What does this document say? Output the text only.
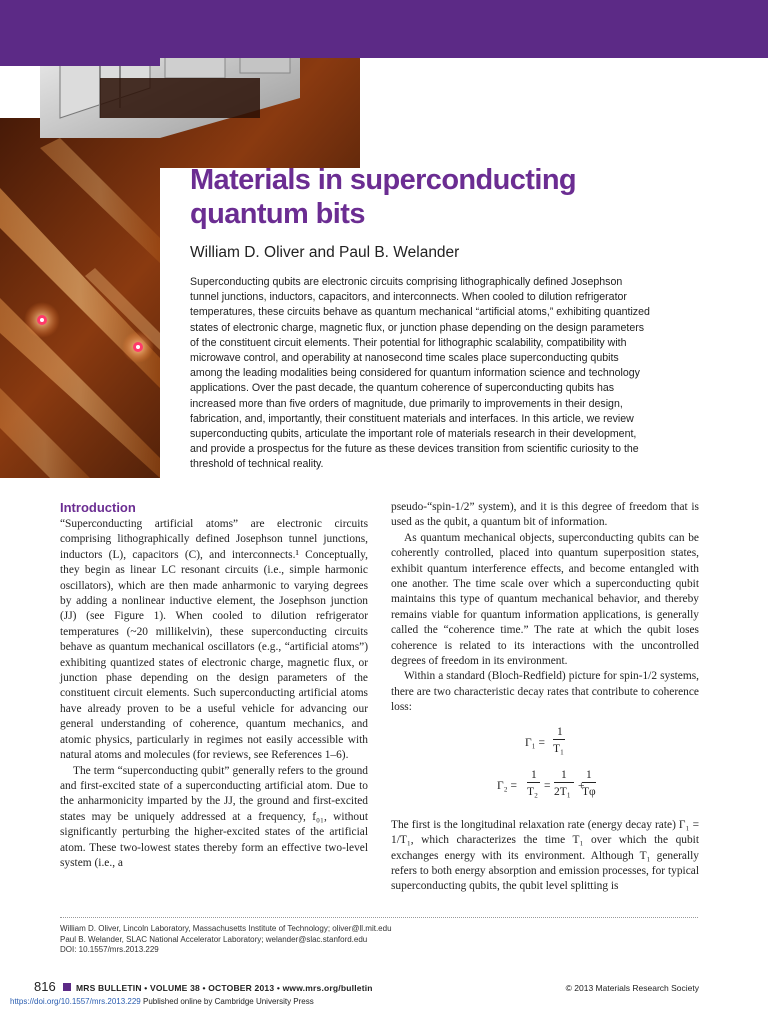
Materials in superconducting quantum bits

William D. Oliver and Paul B. Welander

Superconducting qubits are electronic circuits comprising lithographically defined Josephson tunnel junctions, inductors, capacitors, and interconnects. When cooled to dilution refrigerator temperatures, these circuits behave as quantum mechanical “artificial atoms,” exhibiting quantized states of electronic charge, magnetic flux, or junction phase depending on the design parameters of the constituent circuit elements. Their potential for lithographic scalability, compatibility with microwave control, and operability at nanosecond time scales place superconducting qubits among the leading modalities being considered for quantum information science and technology applications. Over the past decade, the quantum coherence of superconducting qubits has increased more than five orders of magnitude, due primarily to improvements in their design, fabrication, and, importantly, their constituent materials and interfaces. In this article, we review superconducting qubits, articulate the important role of materials research in their development, and provide a prospectus for the future as these devices transition from scientific curiosity to the threshold of technical reality.

Introduction

“Superconducting artificial atoms” are electronic circuits comprising lithographically defined Josephson tunnel junctions, inductors (L), capacitors (C), and interconnects.¹ Conceptually, they begin as linear LC resonant circuits (i.e., simple harmonic oscillators), which are then made anharmonic to varying degrees by adding a nonlinear inductive element, the Josephson junction (JJ) (see Figure 1). When cooled to dilution refrigerator temperatures (~20 millikelvin), these superconducting circuits behave as quantum mechanical oscillators (e.g., “artificial atoms”) exhibiting quantized states of electronic charge, magnetic flux, or junction phase depending on the design parameters of the constituent circuit elements. Such superconducting artificial atoms have already proven to be a useful vehicle for advancing our general understanding of coherence, quantum mechanics, and atomic physics, particularly in regimes not easily accessible with natural atoms and molecules (for reviews, see References 1–6).

The term “superconducting qubit” generally refers to the ground and first-excited state of a superconducting artificial atom. Due to the anharmonicity imparted by the JJ, the ground and first-excited states may be uniquely addressed at a frequency, f₀₁, without significantly perturbing the higher-excited states of the artificial atom. These two-lowest states thereby form an effective two-level system (i.e., a

pseudo-“spin-1/2” system), and it is this degree of freedom that is used as the qubit, a quantum bit of information.

As quantum mechanical objects, superconducting qubits can be coherently controlled, placed into quantum superposition states, exhibit quantum interference effects, and become entangled with one another. The time scale over which a superconducting qubit maintains this type of quantum mechanical behavior, and thereby remains viable for quantum information applications, is generally called the “coherence time.” The rate at which the qubit loses coherence is related to its interactions with the uncontrolled degrees of freedom in its environment.

Within a standard (Bloch-Redfield) picture for spin-1/2 systems, there are two characteristic decay rates that contribute to coherence loss:

Γ₁ =
1
T₁
Γ₂ =
1
T₂ =
1
2T₁ +
1
Tφ

The first is the longitudinal relaxation rate (energy decay rate) Γ₁ = 1/T₁, which characterizes the time T₁ over which the qubit exchanges energy with its environment. Although T₁ generally refers to both energy absorption and emission processes, for typical superconducting qubits, the qubit level splitting is

William D. Oliver, Lincoln Laboratory, Massachusetts Institute of Technology; oliver@ll.mit.edu
Paul B. Welander, SLAC National Accelerator Laboratory; welander@slac.stanford.edu
DOI: 10.1557/mrs.2013.229
816 MRS BULLETIN • VOLUME 38 • OCTOBER 2013 • www.mrs.org/bulletin	© 2013 Materials Research Society
https://doi.org/10.1557/mrs.2013.229 Published online by Cambridge University Press
